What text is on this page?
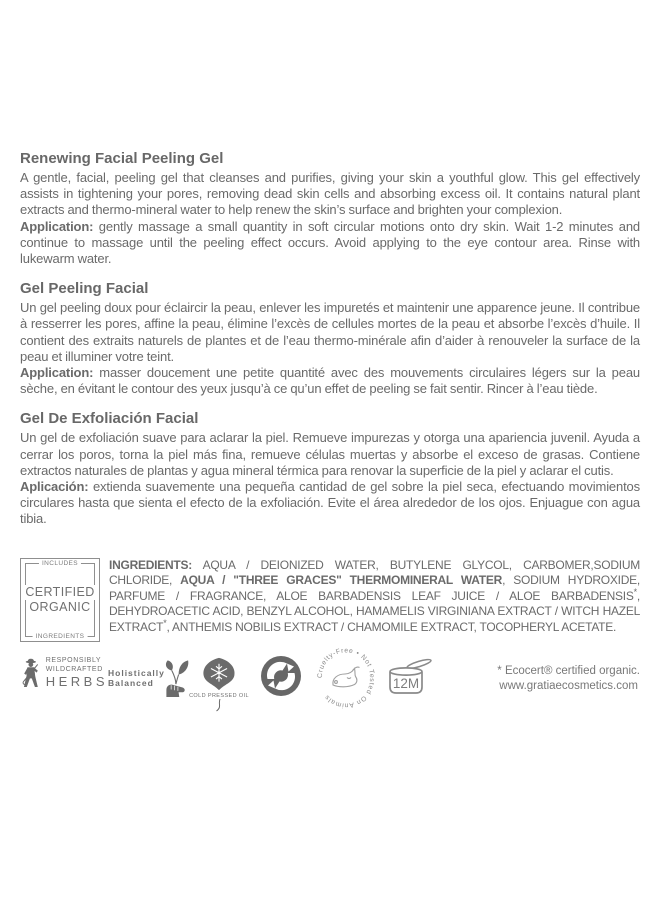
Renewing Facial Peeling Gel

A gentle, facial, peeling gel that cleanses and purifies, giving your skin a youthful glow. This gel effectively assists in tightening your pores, removing dead skin cells and absorbing excess oil. It contains natural plant extracts and thermo-mineral water to help renew the skin’s surface and brighten your complexion.

Application: gently massage a small quantity in soft circular motions onto dry skin. Wait 1-2 minutes and continue to massage until the peeling effect occurs. Avoid applying to the eye contour area. Rinse with lukewarm water.

Gel Peeling Facial

Un gel peeling doux pour éclaircir la peau, enlever les impuretés et maintenir une apparence jeune. Il contribue à resserrer les pores, affine la peau, élimine l’excès de cellules mortes de la peau et absorbe l’excès d’huile. Il contient des extraits naturels de plantes et de l’eau thermo-minérale afin d’aider à renouveler la surface de la peau et illuminer votre teint.

Application: masser doucement une petite quantité avec des mouvements circulaires légers sur la peau sèche, en évitant le contour des yeux jusqu’à ce qu’un effet de peeling se fait sentir. Rincer à l’eau tiède.

Gel De Exfoliación Facial

Un gel de exfoliación suave para aclarar la piel. Remueve impurezas y otorga una apariencia juvenil. Ayuda a cerrar los poros, torna la piel más fina, remueve células muertas y absorbe el exceso de grasas. Contiene extractos naturales de plantas y agua mineral térmica para renovar la superficie de la piel y aclarar el cutis.

Aplicación: extienda suavemente una pequeña cantidad de gel sobre la piel seca, efectuando movimientos circulares hasta que sienta el efecto de la exfoliación. Evite el área alrededor de los ojos. Enjuague con agua tibia.

INCLUDES
CERTIFIED
ORGANIC
INGREDIENTS
INGREDIENTS: AQUA / DEIONIZED WATER, BUTYLENE GLYCOL, CARBOMER,SODIUM CHLORIDE, AQUA / "THREE GRACES" THERMOMINERAL WATER, SODIUM HYDROXIDE, PARFUME / FRAGRANCE, ALOE BARBADENSIS LEAF JUICE / ALOE BARBADENSIS*, DEHYDROACETIC ACID, BENZYL ALCOHOL, HAMAMELIS VIRGINIANA EXTRACT / WITCH HAZEL EXTRACT*, ANTHEMIS NOBILIS EXTRACT / CHAMOMILE EXTRACT, TOCOPHERYL ACETATE.
RESPONSIBLY
WILDCRAFTED
HERBS
Holistically
Balanced
COLD PRESSED OIL
Cruelty-Free • Not Tested On Animals
12M
* Ecocert® certified organic.
www.gratiaecosmetics.com
